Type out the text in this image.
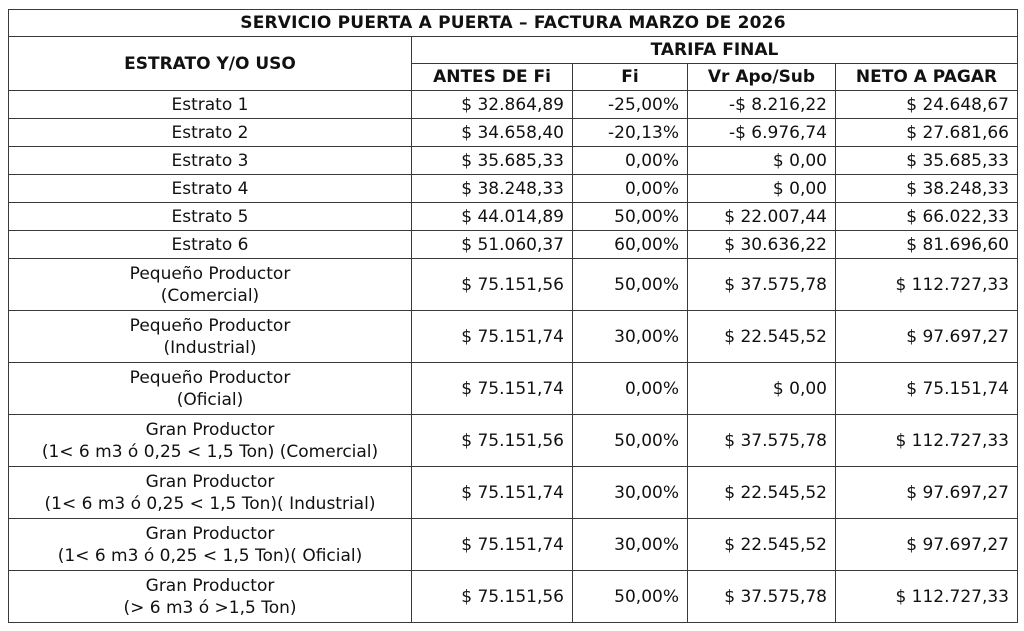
SERVICIO PUERTA A PUERTA – FACTURA MARZO DE 2026				
ESTRATO Y/O USO	TARIFA FINAL			
	ANTES DE Fi	Fi	Vr Apo/Sub	NETO A PAGAR

Estrato 1	$ 32.864,89	-25,00%	-$ 8.216,22	$ 24.648,67

Estrato 2	$ 34.658,40	-20,13%	-$ 6.976,74	$ 27.681,66

Estrato 3	$ 35.685,33	0,00%	$ 0,00	$ 35.685,33

Estrato 4	$ 38.248,33	0,00%	$ 0,00	$ 38.248,33

Estrato 5	$ 44.014,89	50,00%	$ 22.007,44	$ 66.022,33

Estrato 6	$ 51.060,37	60,00%	$ 30.636,22	$ 81.696,60

Pequeño Productor
(Comercial)	$ 75.151,56	50,00%	$ 37.575,78	$ 112.727,33

Pequeño Productor
(Industrial)	$ 75.151,74	30,00%	$ 22.545,52	$ 97.697,27

Pequeño Productor
(Oficial)	$ 75.151,74	0,00%	$ 0,00	$ 75.151,74

Gran Productor
(1< 6 m3 ó 0,25 < 1,5 Ton) (Comercial)	$ 75.151,56	50,00%	$ 37.575,78	$ 112.727,33

Gran Productor
(1< 6 m3 ó 0,25 < 1,5 Ton)( Industrial)	$ 75.151,74	30,00%	$ 22.545,52	$ 97.697,27

Gran Productor
(1< 6 m3 ó 0,25 < 1,5 Ton)( Oficial)	$ 75.151,74	30,00%	$ 22.545,52	$ 97.697,27

Gran Productor
(> 6 m3 ó >1,5 Ton)	$ 75.151,56	50,00%	$ 37.575,78	$ 112.727,33
